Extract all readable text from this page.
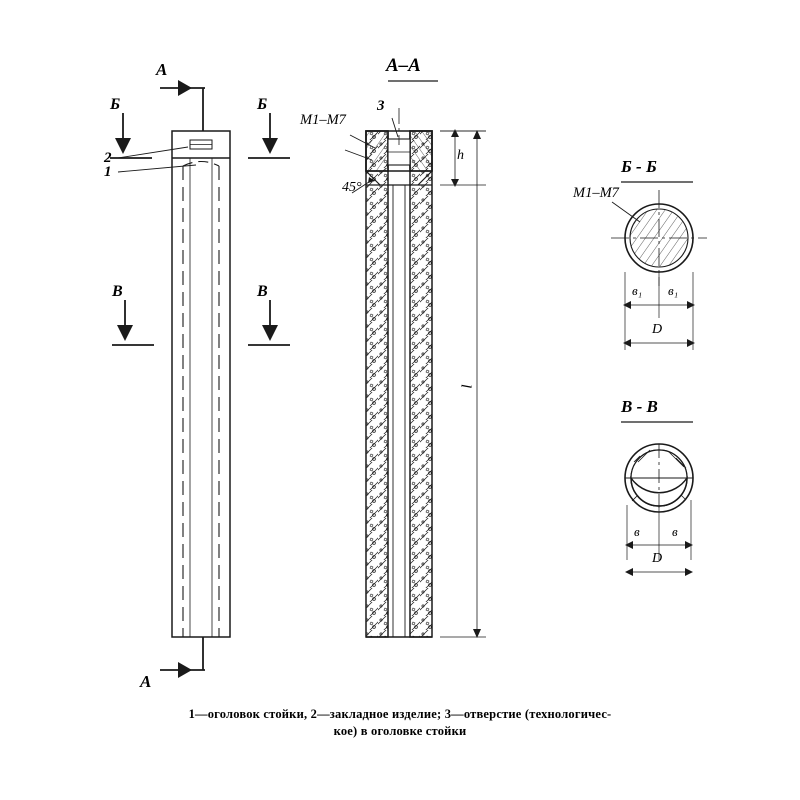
А–А
Б - Б
В - В
А
А
Б	Б
В	В
2
1
3
М1–М7
М1–М7
45°
h
l
в₁ в₁
D
в в
D
1—оголовок стойки, 2—закладное изделие; 3—отверстие (технологичес-
кое) в оголовке стойки
